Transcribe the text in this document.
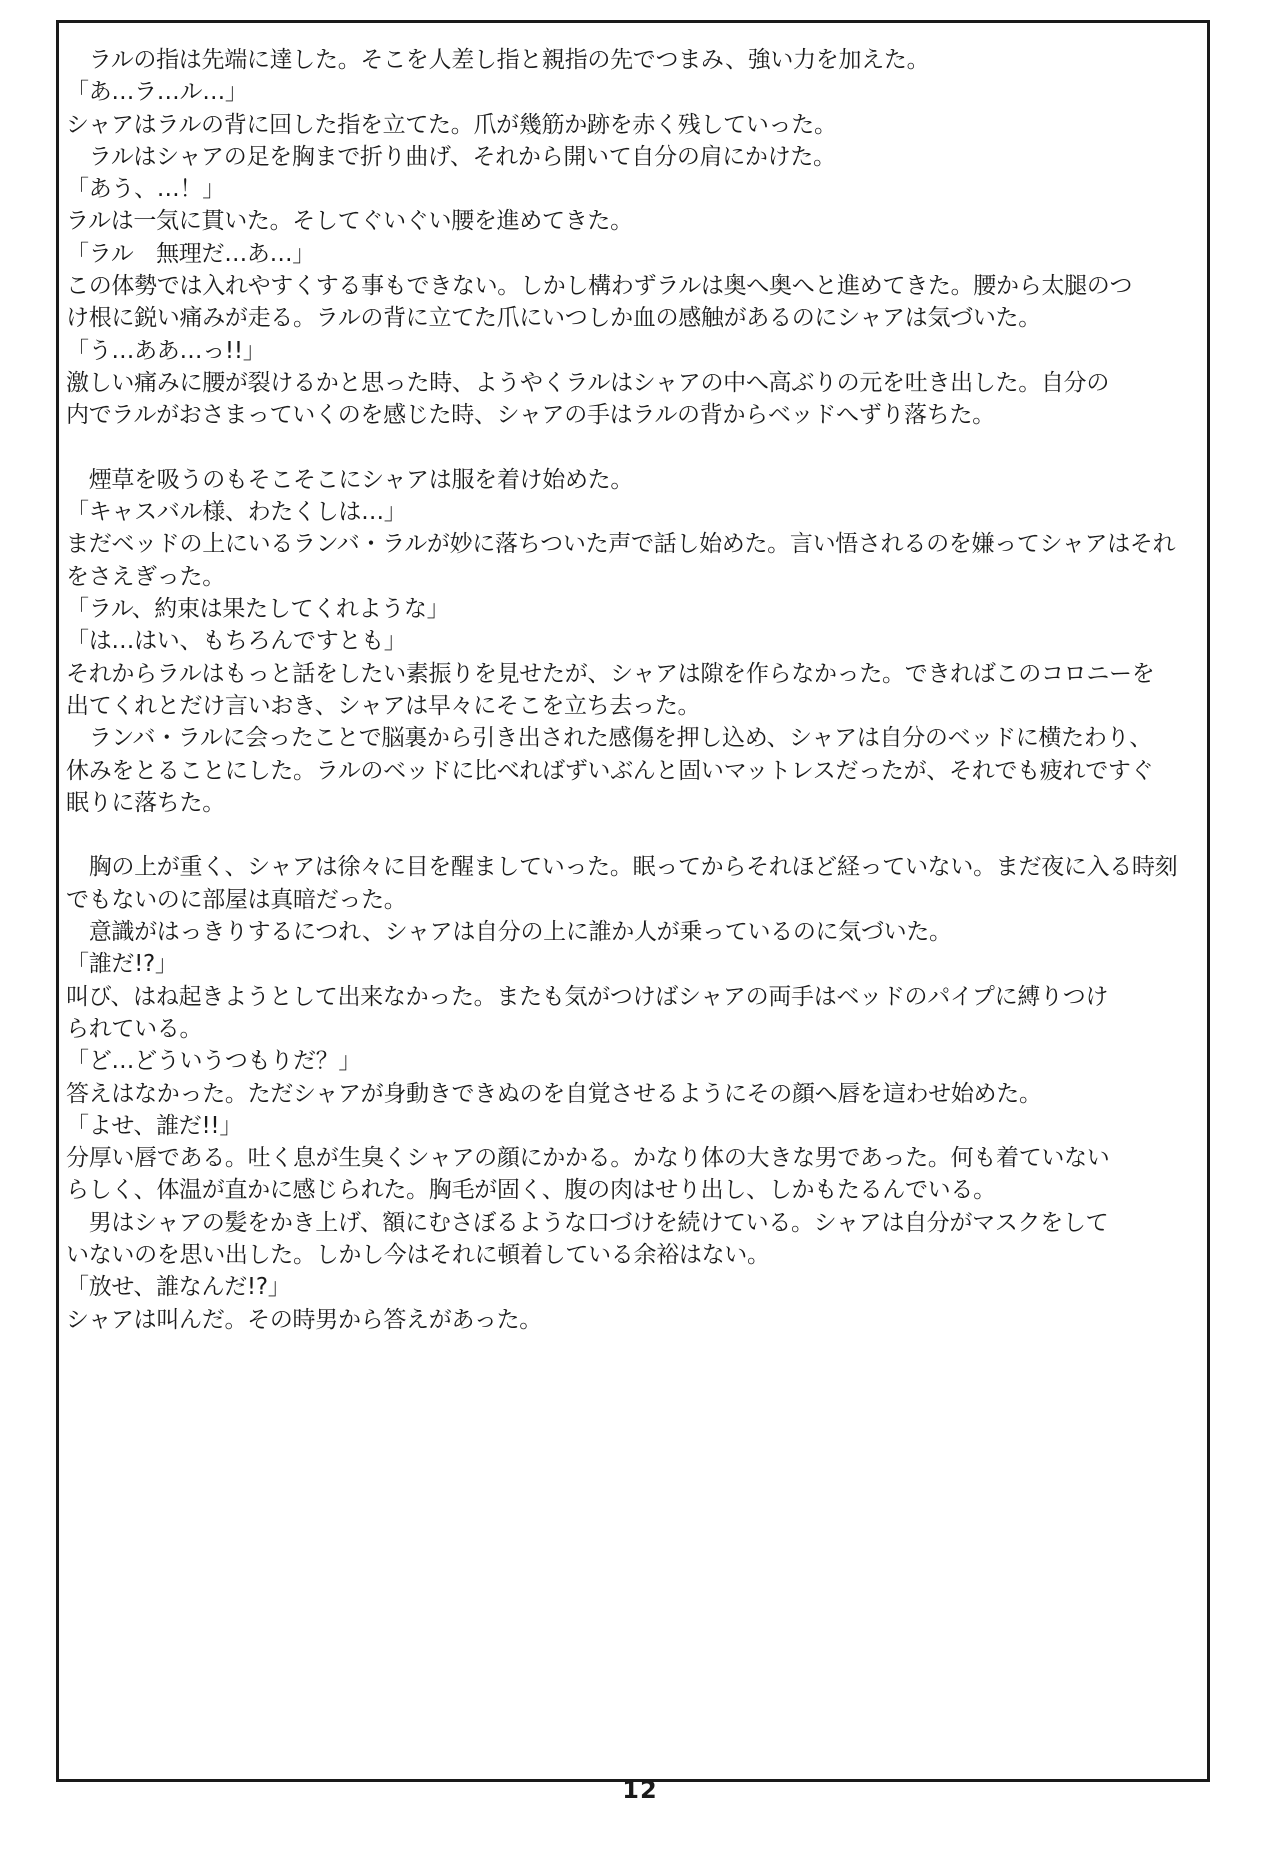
　ラルの指は先端に達した。そこを人差し指と親指の先でつまみ、強い力を加えた。
「あ…ラ…ル…」
シャアはラルの背に回した指を立てた。爪が幾筋か跡を赤く残していった。
　ラルはシャアの足を胸まで折り曲げ、それから開いて自分の肩にかけた。
「あう、…！」
ラルは一気に貫いた。そしてぐいぐい腰を進めてきた。
「ラル　無理だ…あ…」
この体勢では入れやすくする事もできない。しかし構わずラルは奥へ奥へと進めてきた。腰から太腿のつ
け根に鋭い痛みが走る。ラルの背に立てた爪にいつしか血の感触があるのにシャアは気づいた。
「う…ああ…っ!!」
激しい痛みに腰が裂けるかと思った時、ようやくラルはシャアの中へ高ぶりの元を吐き出した。自分の
内でラルがおさまっていくのを感じた時、シャアの手はラルの背からベッドへずり落ちた。
　煙草を吸うのもそこそこにシャアは服を着け始めた。
「キャスバル様、わたくしは…」
まだベッドの上にいるランバ・ラルが妙に落ちついた声で話し始めた。言い悟されるのを嫌ってシャアはそれ
をさえぎった。
「ラル、約束は果たしてくれような」
「は…はい、もちろんですとも」
それからラルはもっと話をしたい素振りを見せたが、シャアは隙を作らなかった。できればこのコロニーを
出てくれとだけ言いおき、シャアは早々にそこを立ち去った。
　ランバ・ラルに会ったことで脳裏から引き出された感傷を押し込め、シャアは自分のベッドに横たわり、
休みをとることにした。ラルのベッドに比べればずいぶんと固いマットレスだったが、それでも疲れですぐ
眠りに落ちた。
　胸の上が重く、シャアは徐々に目を醒ましていった。眠ってからそれほど経っていない。まだ夜に入る時刻
でもないのに部屋は真暗だった。
　意識がはっきりするにつれ、シャアは自分の上に誰か人が乗っているのに気づいた。
「誰だ!?」
叫び、はね起きようとして出来なかった。またも気がつけばシャアの両手はベッドのパイプに縛りつけ
られている。
「ど…どういうつもりだ？」
答えはなかった。ただシャアが身動きできぬのを自覚させるようにその顔へ唇を這わせ始めた。
「よせ、誰だ!!」
分厚い唇である。吐く息が生臭くシャアの顔にかかる。かなり体の大きな男であった。何も着ていない
らしく、体温が直かに感じられた。胸毛が固く、腹の肉はせり出し、しかもたるんでいる。
　男はシャアの髪をかき上げ、額にむさぼるような口づけを続けている。シャアは自分がマスクをして
いないのを思い出した。しかし今はそれに頓着している余裕はない。
「放せ、誰なんだ!?」
シャアは叫んだ。その時男から答えがあった。
12
